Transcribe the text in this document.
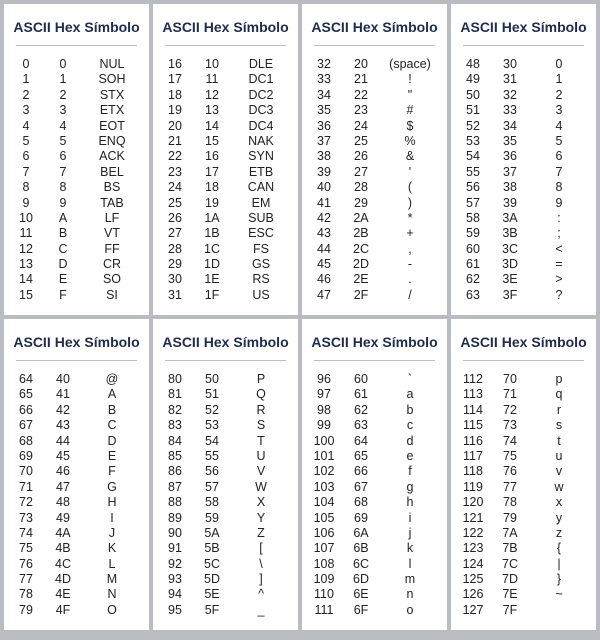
ASCII Hex Símbolo
0	0	NUL
1	1	SOH
2	2	STX
3	3	ETX
4	4	EOT
5	5	ENQ
6	6	ACK
7	7	BEL
8	8	BS
9	9	TAB
10	A	LF
11	B	VT
12	C	FF
13	D	CR
14	E	SO
15	F	SI
ASCII Hex Símbolo
16	10	DLE
17	11	DC1
18	12	DC2
19	13	DC3
20	14	DC4
21	15	NAK
22	16	SYN
23	17	ETB
24	18	CAN
25	19	EM
26	1A	SUB
27	1B	ESC
28	1C	FS
29	1D	GS
30	1E	RS
31	1F	US
ASCII Hex Símbolo
32	20	(space)
33	21	!
34	22	"
35	23	#
36	24	$
37	25	%
38	26	&
39	27	'
40	28	(
41	29	)
42	2A	*
43	2B	+
44	2C	,
45	2D	-
46	2E	.
47	2F	/
ASCII Hex Símbolo
48	30	0
49	31	1
50	32	2
51	33	3
52	34	4
53	35	5
54	36	6
55	37	7
56	38	8
57	39	9
58	3A	:
59	3B	;
60	3C	<
61	3D	=
62	3E	>
63	3F	?
ASCII Hex Símbolo
64	40	@
65	41	A
66	42	B
67	43	C
68	44	D
69	45	E
70	46	F
71	47	G
72	48	H
73	49	I
74	4A	J
75	4B	K
76	4C	L
77	4D	M
78	4E	N
79	4F	O
ASCII Hex Símbolo
80	50	P
81	51	Q
82	52	R
83	53	S
84	54	T
85	55	U
86	56	V
87	57	W
88	58	X
89	59	Y
90	5A	Z
91	5B	[
92	5C	\
93	5D	]
94	5E	^
95	5F	_
ASCII Hex Símbolo
96	60	`
97	61	a
98	62	b
99	63	c
100	64	d
101	65	e
102	66	f
103	67	g
104	68	h
105	69	i
106	6A	j
107	6B	k
108	6C	l
109	6D	m
110	6E	n
111	6F	o
ASCII Hex Símbolo
112	70	p
113	71	q
114	72	r
115	73	s
116	74	t
117	75	u
118	76	v
119	77	w
120	78	x
121	79	y
122	7A	z
123	7B	{
124	7C	|
125	7D	}
126	7E	~
127	7F
